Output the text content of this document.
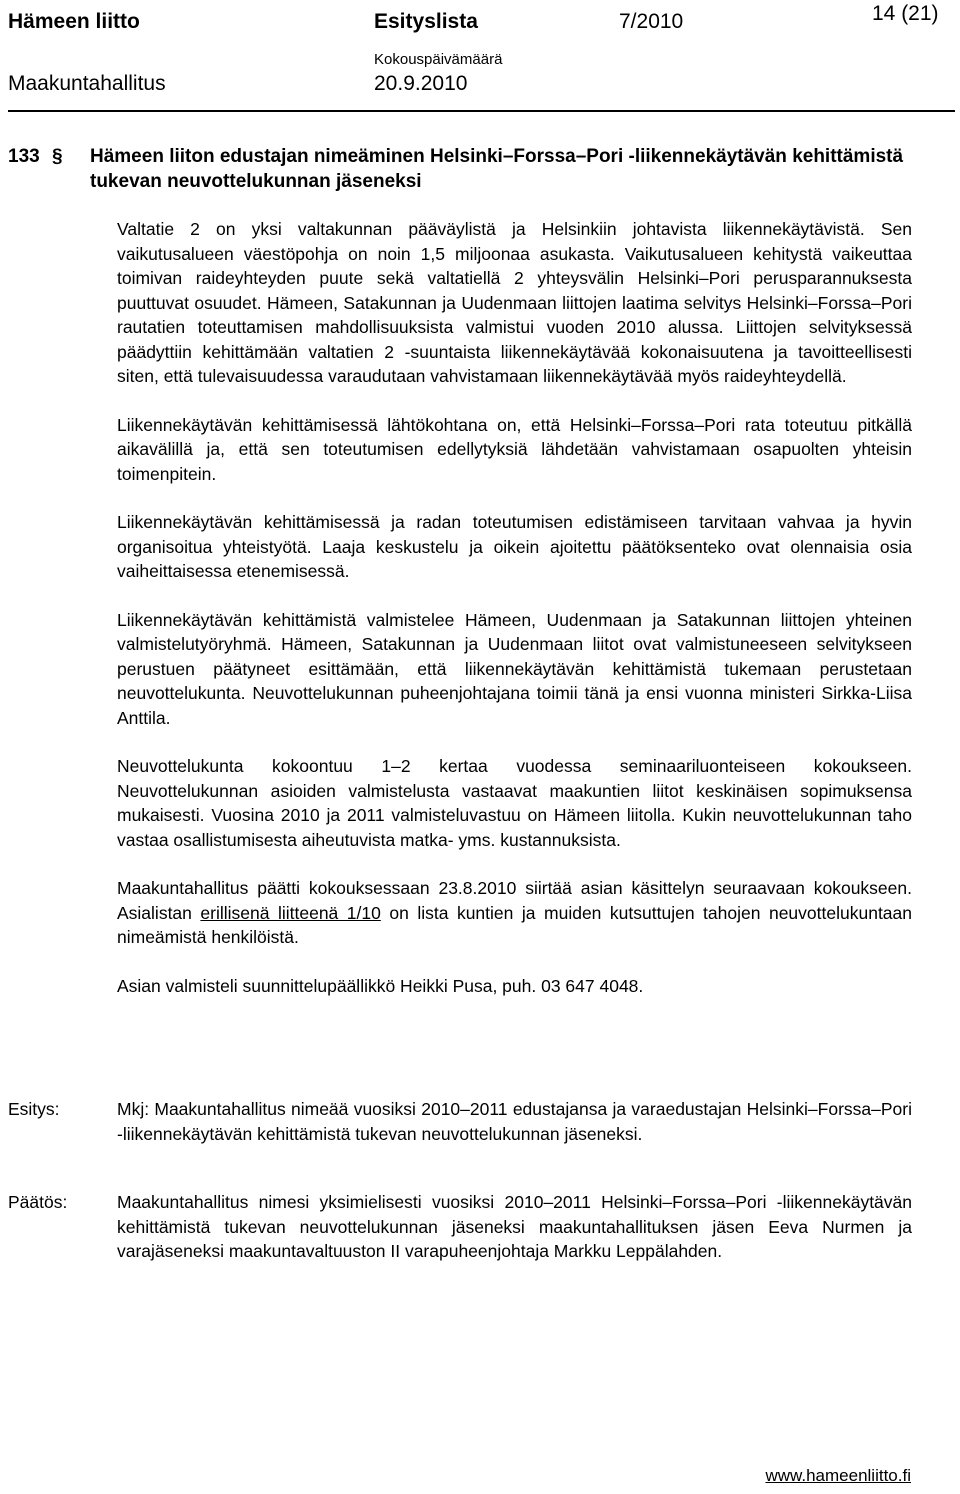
Hämeen liitto	Esityslista	7/2010	14 (21)
Kokouspäivämäärä
Maakuntahallitus	20.9.2010
133 §	Hämeen liiton edustajan nimeäminen Helsinki–Forssa–Pori -liikennekäytävän kehittämistä tukevan neuvottelukunnan jäseneksi

Valtatie 2 on yksi valtakunnan pääväylistä ja Helsinkiin johtavista liikennekäytävistä. Sen vaikutusalueen väestöpohja on noin 1,5 miljoonaa asukasta. Vaikutusalueen kehitystä vaikeuttaa toimivan raideyhteyden puute sekä valtatiellä 2 yhteysvälin Helsinki–Pori perusparannuksesta puuttuvat osuudet. Hämeen, Satakunnan ja Uudenmaan liittojen laatima selvitys Helsinki–Forssa–Pori rautatien toteuttamisen mahdollisuuksista valmistui vuoden 2010 alussa. Liittojen selvityksessä päädyttiin kehittämään valtatien 2 -suuntaista liikennekäytävää kokonaisuutena ja tavoitteellisesti siten, että tulevaisuudessa varaudutaan vahvistamaan liikennekäytävää myös raideyhteydellä.

Liikennekäytävän kehittämisessä lähtökohtana on, että Helsinki–Forssa–Pori rata toteutuu pitkällä aikavälillä ja, että sen toteutumisen edellytyksiä lähdetään vahvistamaan osapuolten yhteisin toimenpitein.

Liikennekäytävän kehittämisessä ja radan toteutumisen edistämiseen tarvitaan vahvaa ja hyvin organisoitua yhteistyötä. Laaja keskustelu ja oikein ajoitettu päätöksenteko ovat olennaisia osia vaiheittaisessa etenemisessä.

Liikennekäytävän kehittämistä valmistelee Hämeen, Uudenmaan ja Satakunnan liittojen yhteinen valmistelutyöryhmä. Hämeen, Satakunnan ja Uudenmaan liitot ovat valmistuneeseen selvitykseen perustuen päätyneet esittämään, että liikennekäytävän kehittämistä tukemaan perustetaan neuvottelukunta. Neuvottelukunnan puheenjohtajana toimii tänä ja ensi vuonna ministeri Sirkka-Liisa Anttila.

Neuvottelukunta kokoontuu 1–2 kertaa vuodessa seminaariluonteiseen kokoukseen. Neuvottelukunnan asioiden valmistelusta vastaavat maakuntien liitot keskinäisen sopimuksensa mukaisesti. Vuosina 2010 ja 2011 valmisteluvastuu on Hämeen liitolla. Kukin neuvottelukunnan taho vastaa osallistumisesta aiheutuvista matka- yms. kustannuksista.

Maakuntahallitus päätti kokouksessaan 23.8.2010 siirtää asian käsittelyn seuraavaan kokoukseen. Asialistan erillisenä liitteenä 1/10 on lista kuntien ja muiden kutsuttujen tahojen neuvottelukuntaan nimeämistä henkilöistä.

Asian valmisteli suunnittelupäällikkö Heikki Pusa, puh. 03 647 4048.

Esitys:	Mkj: Maakuntahallitus nimeää vuosiksi 2010–2011 edustajansa ja varaedustajan Helsinki–Forssa–Pori -liikennekäytävän kehittämistä tukevan neuvottelukunnan jäseneksi.
Päätös:	Maakuntahallitus nimesi yksimielisesti vuosiksi 2010–2011 Helsinki–Forssa–Pori -liikennekäytävän kehittämistä tukevan neuvottelukunnan jäseneksi maakuntahallituksen jäsen Eeva Nurmen ja varajäseneksi maakuntavaltuuston II varapuheenjohtaja Markku Leppälahden.
www.hameenliitto.fi
